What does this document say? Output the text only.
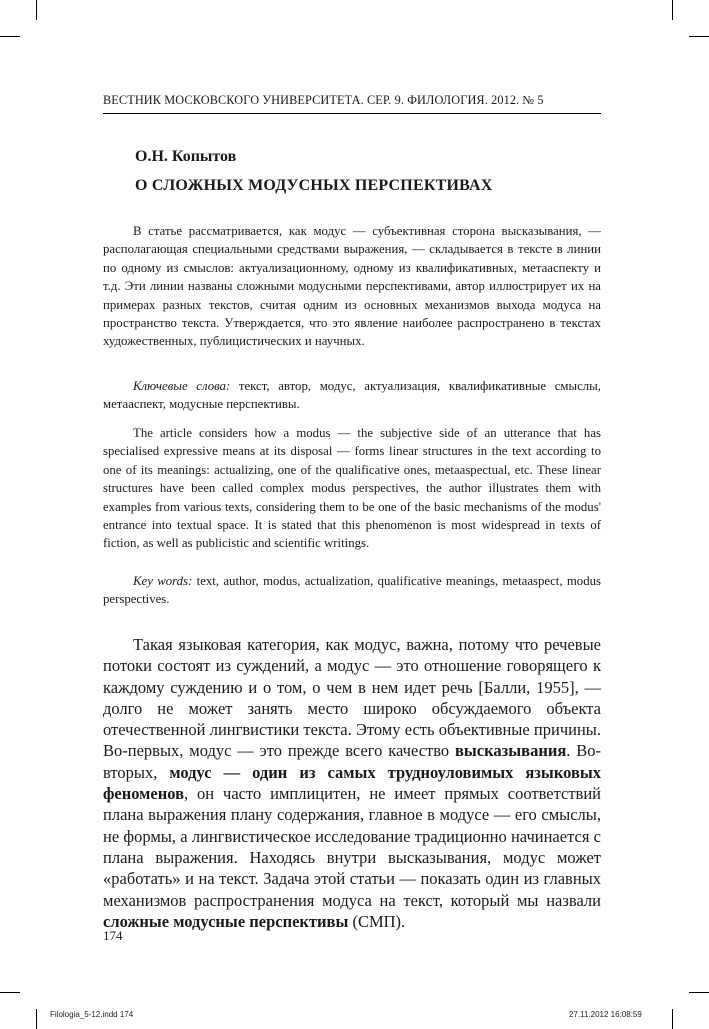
ВЕСТНИК МОСКОВСКОГО УНИВЕРСИТЕТА. СЕР. 9. ФИЛОЛОГИЯ. 2012. № 5
О.Н. Копытов
О СЛОЖНЫХ МОДУСНЫХ ПЕРСПЕКТИВАХ

В статье рассматривается, как модус — субъективная сторона высказывания, — располагающая специальными средствами выражения, — складывается в тексте в линии по одному из смыслов: актуализационному, одному из квалификативных, метааспекту и т.д. Эти линии названы сложными модусными перспективами, автор иллюстрирует их на примерах разных текстов, считая одним из основных механизмов выхода модуса на пространство текста. Утверждается, что это явление наиболее распространено в текстах художественных, публицистических и научных.

Ключевые слова: текст, автор, модус, актуализация, квалификативные смыслы, метааспект, модусные перспективы.

The article considers how a modus — the subjective side of an utterance that has specialised expressive means at its disposal — forms linear structures in the text according to one of its meanings: actualizing, one of the qualificative ones, metaaspectual, etc. These linear structures have been called complex modus perspectives, the author illustrates them with examples from various texts, considering them to be one of the basic mechanisms of the modus' entrance into textual space. It is stated that this phenomenon is most widespread in texts of fiction, as well as publicistic and scientific writings.

Key words: text, author, modus, actualization, qualificative meanings, metaaspect, modus perspectives.

Такая языковая категория, как модус, важна, потому что речевые потоки состоят из суждений, а модус — это отношение говорящего к каждому суждению и о том, о чем в нем идет речь [Балли, 1955], — долго не может занять место широко обсуждаемого объекта отечественной лингвистики текста. Этому есть объективные причины. Во-первых, модус — это прежде всего качество высказывания. Во-вторых, модус — один из самых трудноуловимых языковых феноменов, он часто имплицитен, не имеет прямых соответствий плана выражения плану содержания, главное в модусе — его смыслы, не формы, а лингвистическое исследование традиционно начинается с плана выражения. Находясь внутри высказывания, модус может «работать» и на текст. Задача этой статьи — показать один из главных механизмов распространения модуса на текст, который мы назвали сложные модусные перспективы (СМП).

174
Filologia_5-12.indd 174	27.11.2012 16:08:59
